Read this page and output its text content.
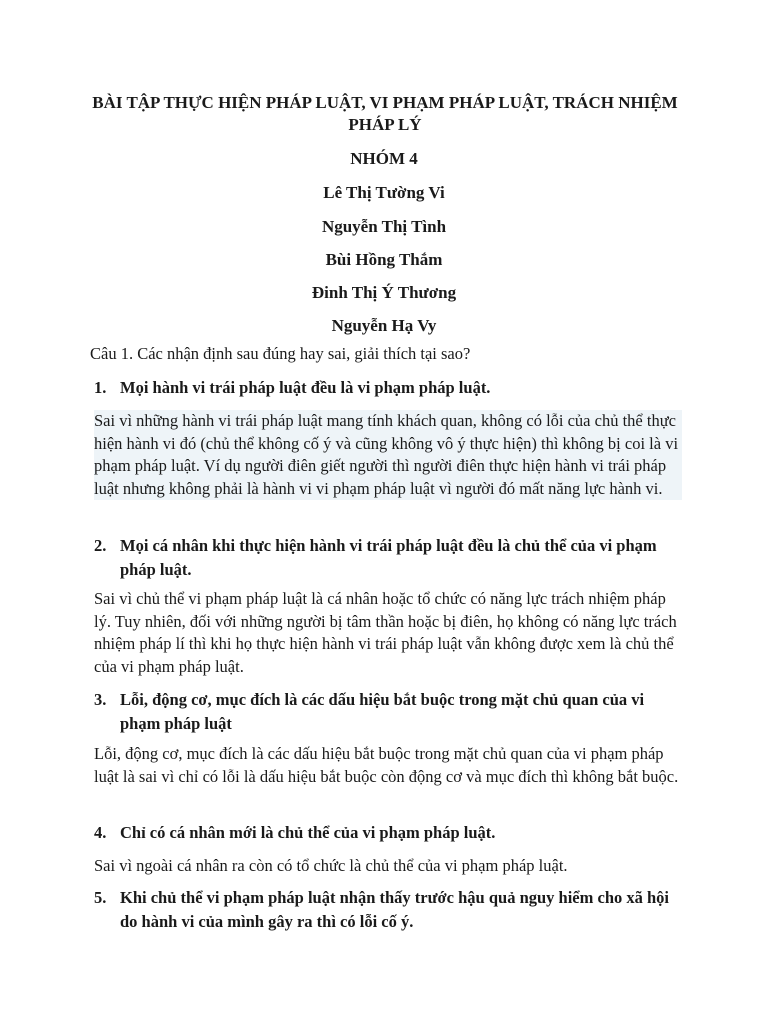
BÀI TẬP THỰC HIỆN PHÁP LUẬT, VI PHẠM PHÁP LUẬT, TRÁCH NHIỆM PHÁP LÝ
NHÓM 4
Lê Thị Tường Vi
Nguyễn Thị Tình
Bùi Hồng Thắm
Đinh Thị Ý Thương
Nguyễn Hạ Vy
Câu 1. Các nhận định sau đúng hay sai, giải thích tại sao?
1. Mọi hành vi trái pháp luật đều là vi phạm pháp luật.
Sai vì những hành vi trái pháp luật mang tính khách quan, không có lỗi của chủ thể thực hiện hành vi đó (chủ thể không cố ý và cũng không vô ý thực hiện) thì không bị coi là vi phạm pháp luật. Ví dụ người điên giết người thì người điên thực hiện hành vi trái pháp luật nhưng không phải là hành vi vi phạm pháp luật vì người đó mất năng lực hành vi.
2. Mọi cá nhân khi thực hiện hành vi trái pháp luật đều là chủ thể của vi phạm pháp luật.
Sai vì chủ thể vi phạm pháp luật là cá nhân hoặc tổ chức có năng lực trách nhiệm pháp lý. Tuy nhiên, đối với những người bị tâm thần hoặc bị điên, họ không có năng lực trách nhiệm pháp lí thì khi họ thực hiện hành vi trái pháp luật vẫn không được xem là chủ thể của vi phạm pháp luật.
3. Lỗi, động cơ, mục đích là các dấu hiệu bắt buộc trong mặt chủ quan của vi phạm pháp luật
Lỗi, động cơ, mục đích là các dấu hiệu bắt buộc trong mặt chủ quan của vi phạm pháp luật là sai vì chỉ có lỗi là dấu hiệu bắt buộc còn động cơ và mục đích thì không bắt buộc.
4. Chỉ có cá nhân mới là chủ thể của vi phạm pháp luật.
Sai vì ngoài cá nhân ra còn có tổ chức là chủ thể của vi phạm pháp luật.
5. Khi chủ thể vi phạm pháp luật nhận thấy trước hậu quả nguy hiểm cho xã hội do hành vi của mình gây ra thì có lỗi cố ý.
